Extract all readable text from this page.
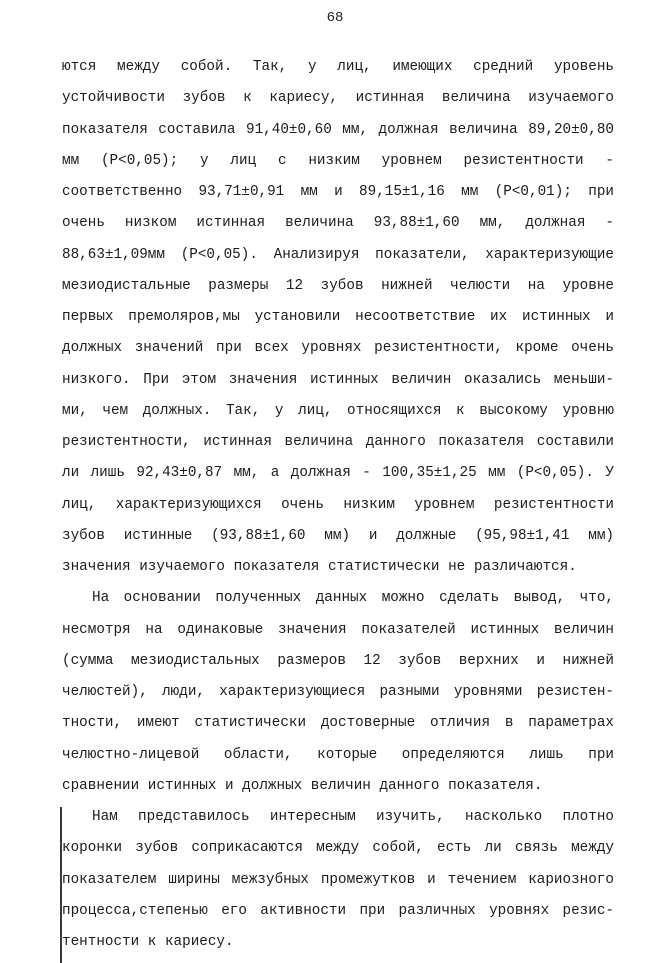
68
ются между собой. Так, у лиц, имеющих средний уровень
устойчивости зубов к кариесу, истинная величина изучаемого
показателя составила 91,40±0,60 мм, должная величина 89,20±0,80
мм (P<0,05); у лиц с низким уровнем резистентности -
соответственно 93,71±0,91 мм и 89,15±1,16 мм (P<0,01); при
очень низком истинная величина 93,88±1,60 мм, должная -
88,63±1,09мм (P<0,05). Анализируя показатели, характеризующие
мезиодистальные размеры 12 зубов нижней челюсти на уровне
первых премоляров,мы установили несоответствие их истинных и
должных значений при всех уровнях резистентности, кроме очень
низкого. При этом значения истинных величин оказались меньши-
ми, чем должных. Так, у лиц, относящихся к высокому уровню
резистентности, истинная величина данного показателя составили
ли лишь 92,43±0,87 мм, а должная - 100,35±1,25 мм (P<0,05). У
лиц, характеризующихся очень низким уровнем резистентности
зубов истинные (93,88±1,60 мм) и должные (95,98±1,41 мм)
значения изучаемого показателя статистически не различаются.
На основании полученных данных можно сделать вывод, что,
несмотря на одинаковые значения показателей истинных величин
(сумма мезиодистальных размеров 12 зубов верхних и нижней
челюстей), люди, характеризующиеся разными уровнями резистен-
тности, имеют статистически достоверные отличия в параметрах
челюстно-лицевой области, которые определяются лишь при
сравнении истинных и должных величин данного показателя.
Нам представилось интересным изучить, насколько плотно
коронки зубов соприкасаются между собой, есть ли связь между
показателем ширины межзубных промежутков и течением кариозного
процесса,степенью его активности при различных уровнях резис-
тентности к кариесу.
